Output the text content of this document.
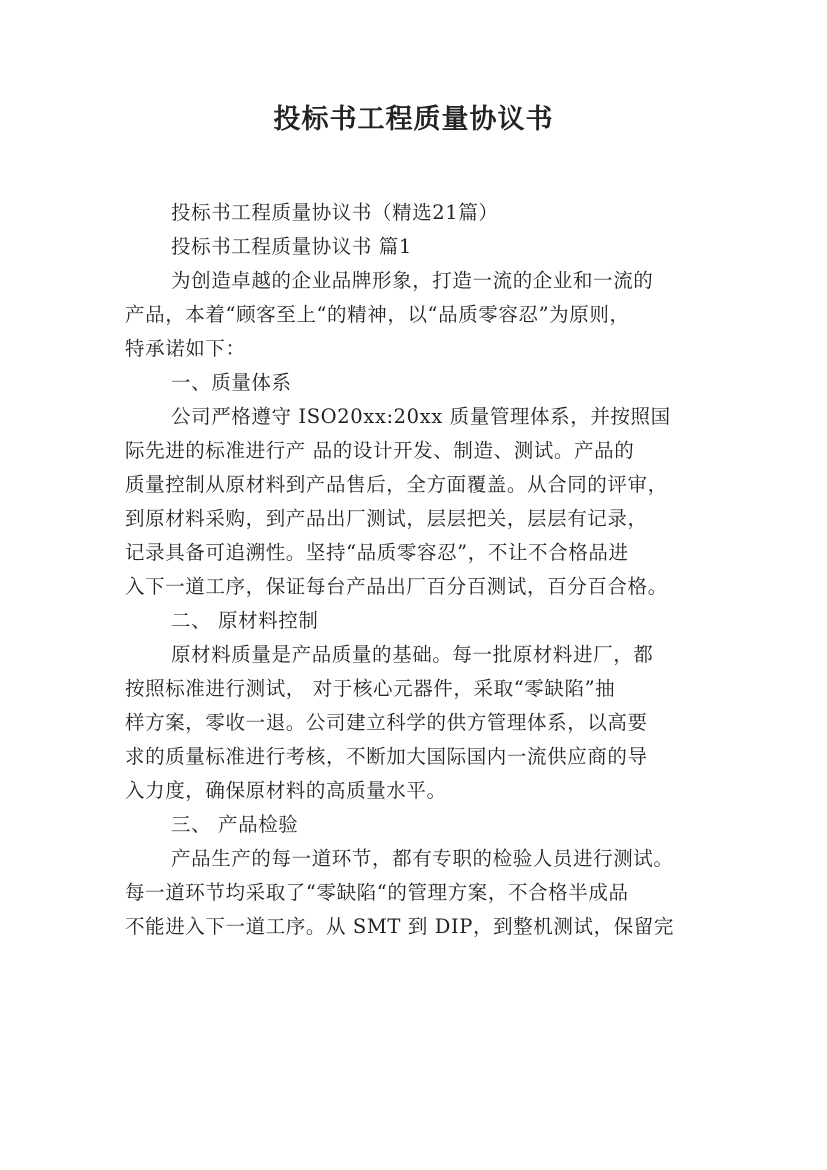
投标书工程质量协议书

投标书工程质量协议书（精选21篇）

投标书工程质量协议书 篇1

为创造卓越的企业品牌形象，打造一流的企业和一流的

产品，本着“顾客至上“的精神，以“品质零容忍”为原则，

特承诺如下：

一、质量体系

公司严格遵守 ISO20xx:20xx 质量管理体系，并按照国

际先进的标准进行产 品的设计开发、制造、测试。产品的

质量控制从原材料到产品售后，全方面覆盖。从合同的评审，

到原材料采购，到产品出厂测试，层层把关，层层有记录，

记录具备可追溯性。坚持“品质零容忍”，不让不合格品进

入下一道工序，保证每台产品出厂百分百测试，百分百合格。

二、 原材料控制

原材料质量是产品质量的基础。每一批原材料进厂，都

按照标准进行测试， 对于核心元器件，采取“零缺陷”抽

样方案，零收一退。公司建立科学的供方管理体系，以高要

求的质量标准进行考核，不断加大国际国内一流供应商的导

入力度，确保原材料的高质量水平。

三、 产品检验

产品生产的每一道环节，都有专职的检验人员进行测试。

每一道环节均采取了“零缺陷“的管理方案，不合格半成品

不能进入下一道工序。从 SMT 到 DIP，到整机测试，保留完
